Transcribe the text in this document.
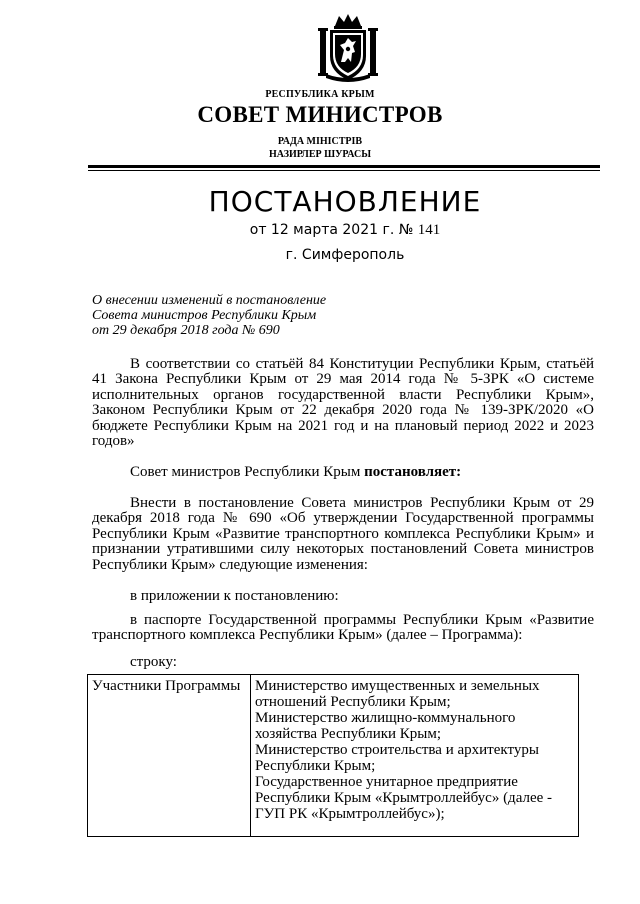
РЕСПУБЛИКА КРЫМ
СОВЕТ МИНИСТРОВ
РАДА МІНІСТРІВ
НАЗИРЛЕР ШУРАСЫ
ПОСТАНОВЛЕНИЕ
от 12 марта 2021 г. № 141
г. Симферополь
О внесении изменений в постановление
Совета министров Республики Крым
от 29 декабря 2018 года № 690
В соответствии со статьёй 84 Конституции Республики Крым, статьёй 41 Закона Республики Крым от 29 мая 2014 года № 5-ЗРК «О системе исполнительных органов государственной власти Республики Крым», Законом Республики Крым от 22 декабря 2020 года № 139-ЗРК/2020 «О бюджете Республики Крым на 2021 год и на плановый период 2022 и 2023 годов»
Совет министров Республики Крым постановляет:
Внести в постановление Совета министров Республики Крым от 29 декабря 2018 года № 690 «Об утверждении Государственной программы Республики Крым «Развитие транспортного комплекса Республики Крым» и признании утратившими силу некоторых постановлений Совета министров Республики Крым» следующие изменения:
в приложении к постановлению:
в паспорте Государственной программы Республики Крым «Развитие транспортного комплекса Республики Крым» (далее – Программа):
строку:
Участники Программы Министерство имущественных и земельных
отношений Республики Крым;
Министерство жилищно-коммунального
хозяйства Республики Крым;
Министерство строительства и архитектуры
Республики Крым;
Государственное унитарное предприятие
Республики Крым «Крымтроллейбус» (далее -
ГУП РК «Крымтроллейбус»);
